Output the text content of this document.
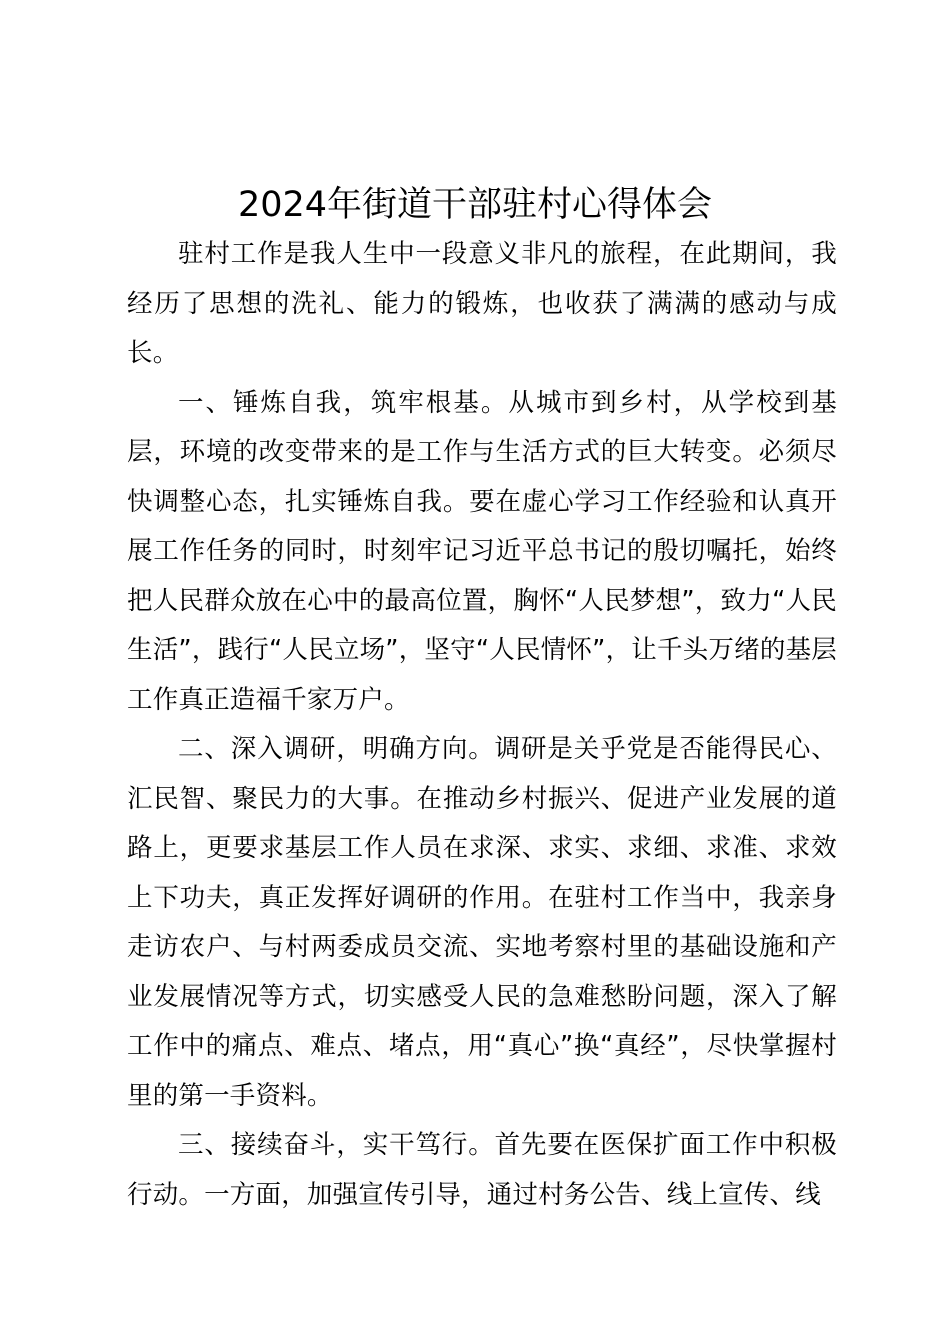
2024年街道干部驻村心得体会

驻村工作是我人生中一段意义非凡的旅程，在此期间，我经历了思想的洗礼、能力的锻炼，也收获了满满的感动与成长。

一、锤炼自我，筑牢根基。从城市到乡村，从学校到基层，环境的改变带来的是工作与生活方式的巨大转变。必须尽快调整心态，扎实锤炼自我。要在虚心学习工作经验和认真开展工作任务的同时，时刻牢记习近平总书记的殷切嘱托，始终把人民群众放在心中的最高位置，胸怀“人民梦想”，致力“人民生活”，践行“人民立场”，坚守“人民情怀”，让千头万绪的基层工作真正造福千家万户。

二、深入调研，明确方向。调研是关乎党是否能得民心、汇民智、聚民力的大事。在推动乡村振兴、促进产业发展的道路上，更要求基层工作人员在求深、求实、求细、求准、求效上下功夫，真正发挥好调研的作用。在驻村工作当中，我亲身走访农户、与村两委成员交流、实地考察村里的基础设施和产业发展情况等方式，切实感受人民的急难愁盼问题，深入了解工作中的痛点、难点、堵点，用“真心”换“真经”，尽快掌握村里的第一手资料。

三、接续奋斗，实干笃行。首先要在医保扩面工作中积极行动。一方面，加强宣传引导，通过村务公告、线上宣传、线
